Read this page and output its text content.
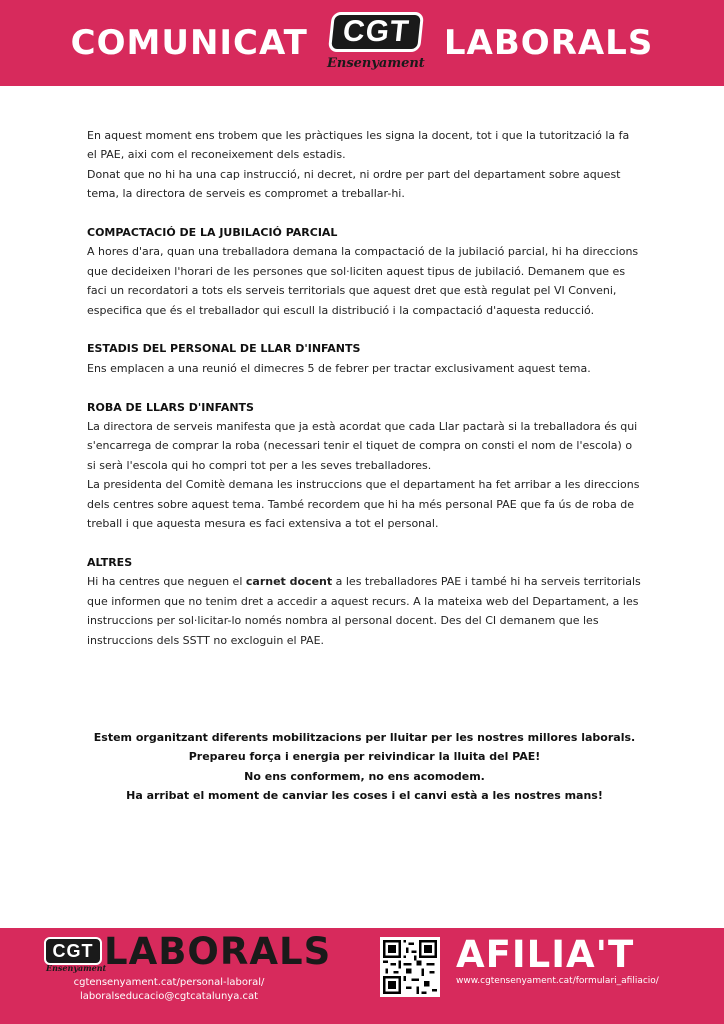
COMUNICAT	CGT
Ensenyament
LABORALS

En aquest moment ens trobem que les pràctiques les signa la docent, tot i que la tutorització la fa el PAE, aixi com el reconeixement dels estadis.

Donat que no hi ha una cap instrucció, ni decret, ni ordre per part del departament sobre aquest tema, la directora de serveis es compromet a treballar-hi.

COMPACTACIÓ DE LA JUBILACIÓ PARCIAL

A hores d'ara, quan una treballadora demana la compactació de la jubilació parcial, hi ha direccions que decideixen l'horari de les persones que sol·liciten aquest tipus de jubilació. Demanem que es faci un recordatori a tots els serveis territorials que aquest dret que està regulat pel VI Conveni, especifica que és el treballador qui escull la distribució i la compactació d'aquesta reducció.

ESTADIS DEL PERSONAL DE LLAR D'INFANTS

Ens emplacen a una reunió el dimecres 5 de febrer per tractar exclusivament aquest tema.

ROBA DE LLARS D'INFANTS

La directora de serveis manifesta que ja està acordat que cada Llar pactarà si la treballadora és qui s'encarrega de comprar la roba (necessari tenir el tiquet de compra on consti el nom de l'escola) o si serà l'escola qui ho compri tot per a les seves treballadores.

La presidenta del Comitè demana les instruccions que el departament ha fet arribar a les direccions dels centres sobre aquest tema. També recordem que hi ha més personal PAE que fa ús de roba de treball i que aquesta mesura es faci extensiva a tot el personal.

ALTRES

Hi ha centres que neguen el carnet docent a les treballadores PAE i també hi ha serveis territorials que informen que no tenim dret a accedir a aquest recurs. A la mateixa web del Departament, a les instruccions per sol·licitar-lo només nombra al personal docent. Des del CI demanem que les instruccions dels SSTT no excloguin el PAE.

Estem organitzant diferents mobilitzacions per lluitar per les nostres millores laborals.

Prepareu força i energia per reivindicar la lluita del PAE!

No ens conformem, no ens acomodem.

Ha arribat el moment de canviar les coses i el canvi està a les nostres mans!

CGT
Ensenyament
LABORALS
cgtensenyament.cat/personal-laboral/
laboralseducacio@cgtcatalunya.cat
AFILIA'T
www.cgtensenyament.cat/formulari_afiliacio/
